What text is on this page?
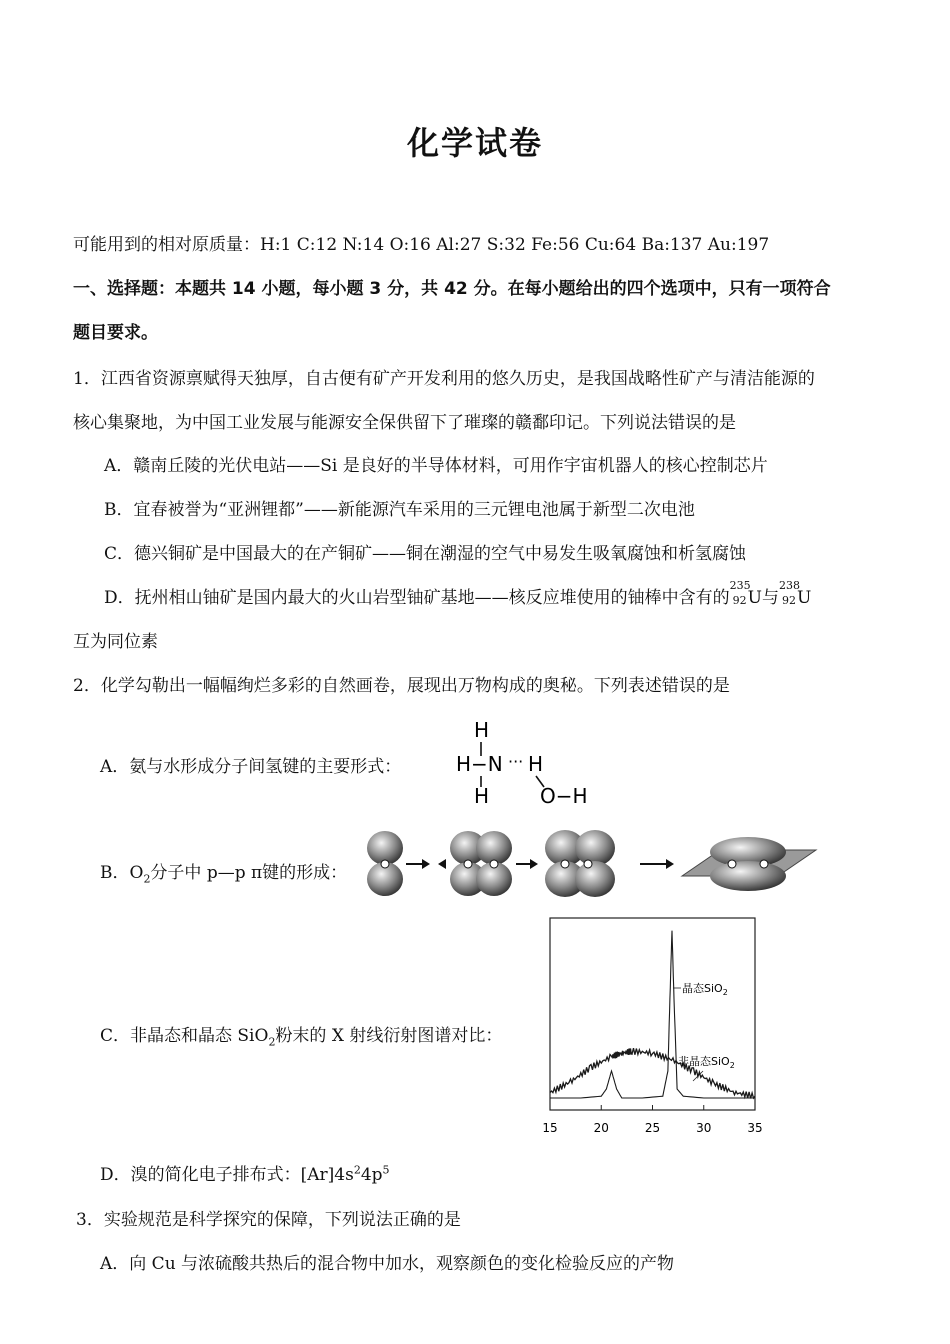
化学试卷
可能用到的相对原质量：H:1 C:12 N:14 O:16 Al:27 S:32 Fe:56 Cu:64 Ba:137 Au:197
一、选择题：本题共 14 小题，每小题 3 分，共 42 分。在每小题给出的四个选项中，只有一项符合
题目要求。
1．江西省资源禀赋得天独厚，自古便有矿产开发利用的悠久历史，是我国战略性矿产与清洁能源的
核心集聚地，为中国工业发展与能源安全保供留下了璀璨的赣鄱印记。下列说法错误的是
A．赣南丘陵的光伏电站——Si 是良好的半导体材料，可用作宇宙机器人的核心控制芯片
B．宜春被誉为“亚洲锂都”——新能源汽车采用的三元锂电池属于新型二次电池
C．德兴铜矿是中国最大的在产铜矿——铜在潮湿的空气中易发生吸氧腐蚀和析氢腐蚀
D．抚州相山铀矿是国内最大的火山岩型铀矿基地——核反应堆使用的铀棒中含有的
235
92 U与
238
92 U
互为同位素
2．化学勾勒出一幅幅绚烂多彩的自然画卷，展现出万物构成的奥秘。下列表述错误的是
A．氨与水形成分子间氢键的主要形式：
H
H−N ··· H
H	O−H
B．$O_2$分子中 p—p π键的形成：
C．非晶态和晶态 SiO$_2$粉末的 X 射线衍射图谱对比：
15	20	25	30	35
晶态SiO$_2$
非晶态SiO$_2$
D．溴的简化电子排布式：$[Ar]4s^24p^5$
3．实验规范是科学探究的保障，下列说法正确的是
A．向 Cu 与浓硫酸共热后的混合物中加水，观察颜色的变化检验反应的产物
